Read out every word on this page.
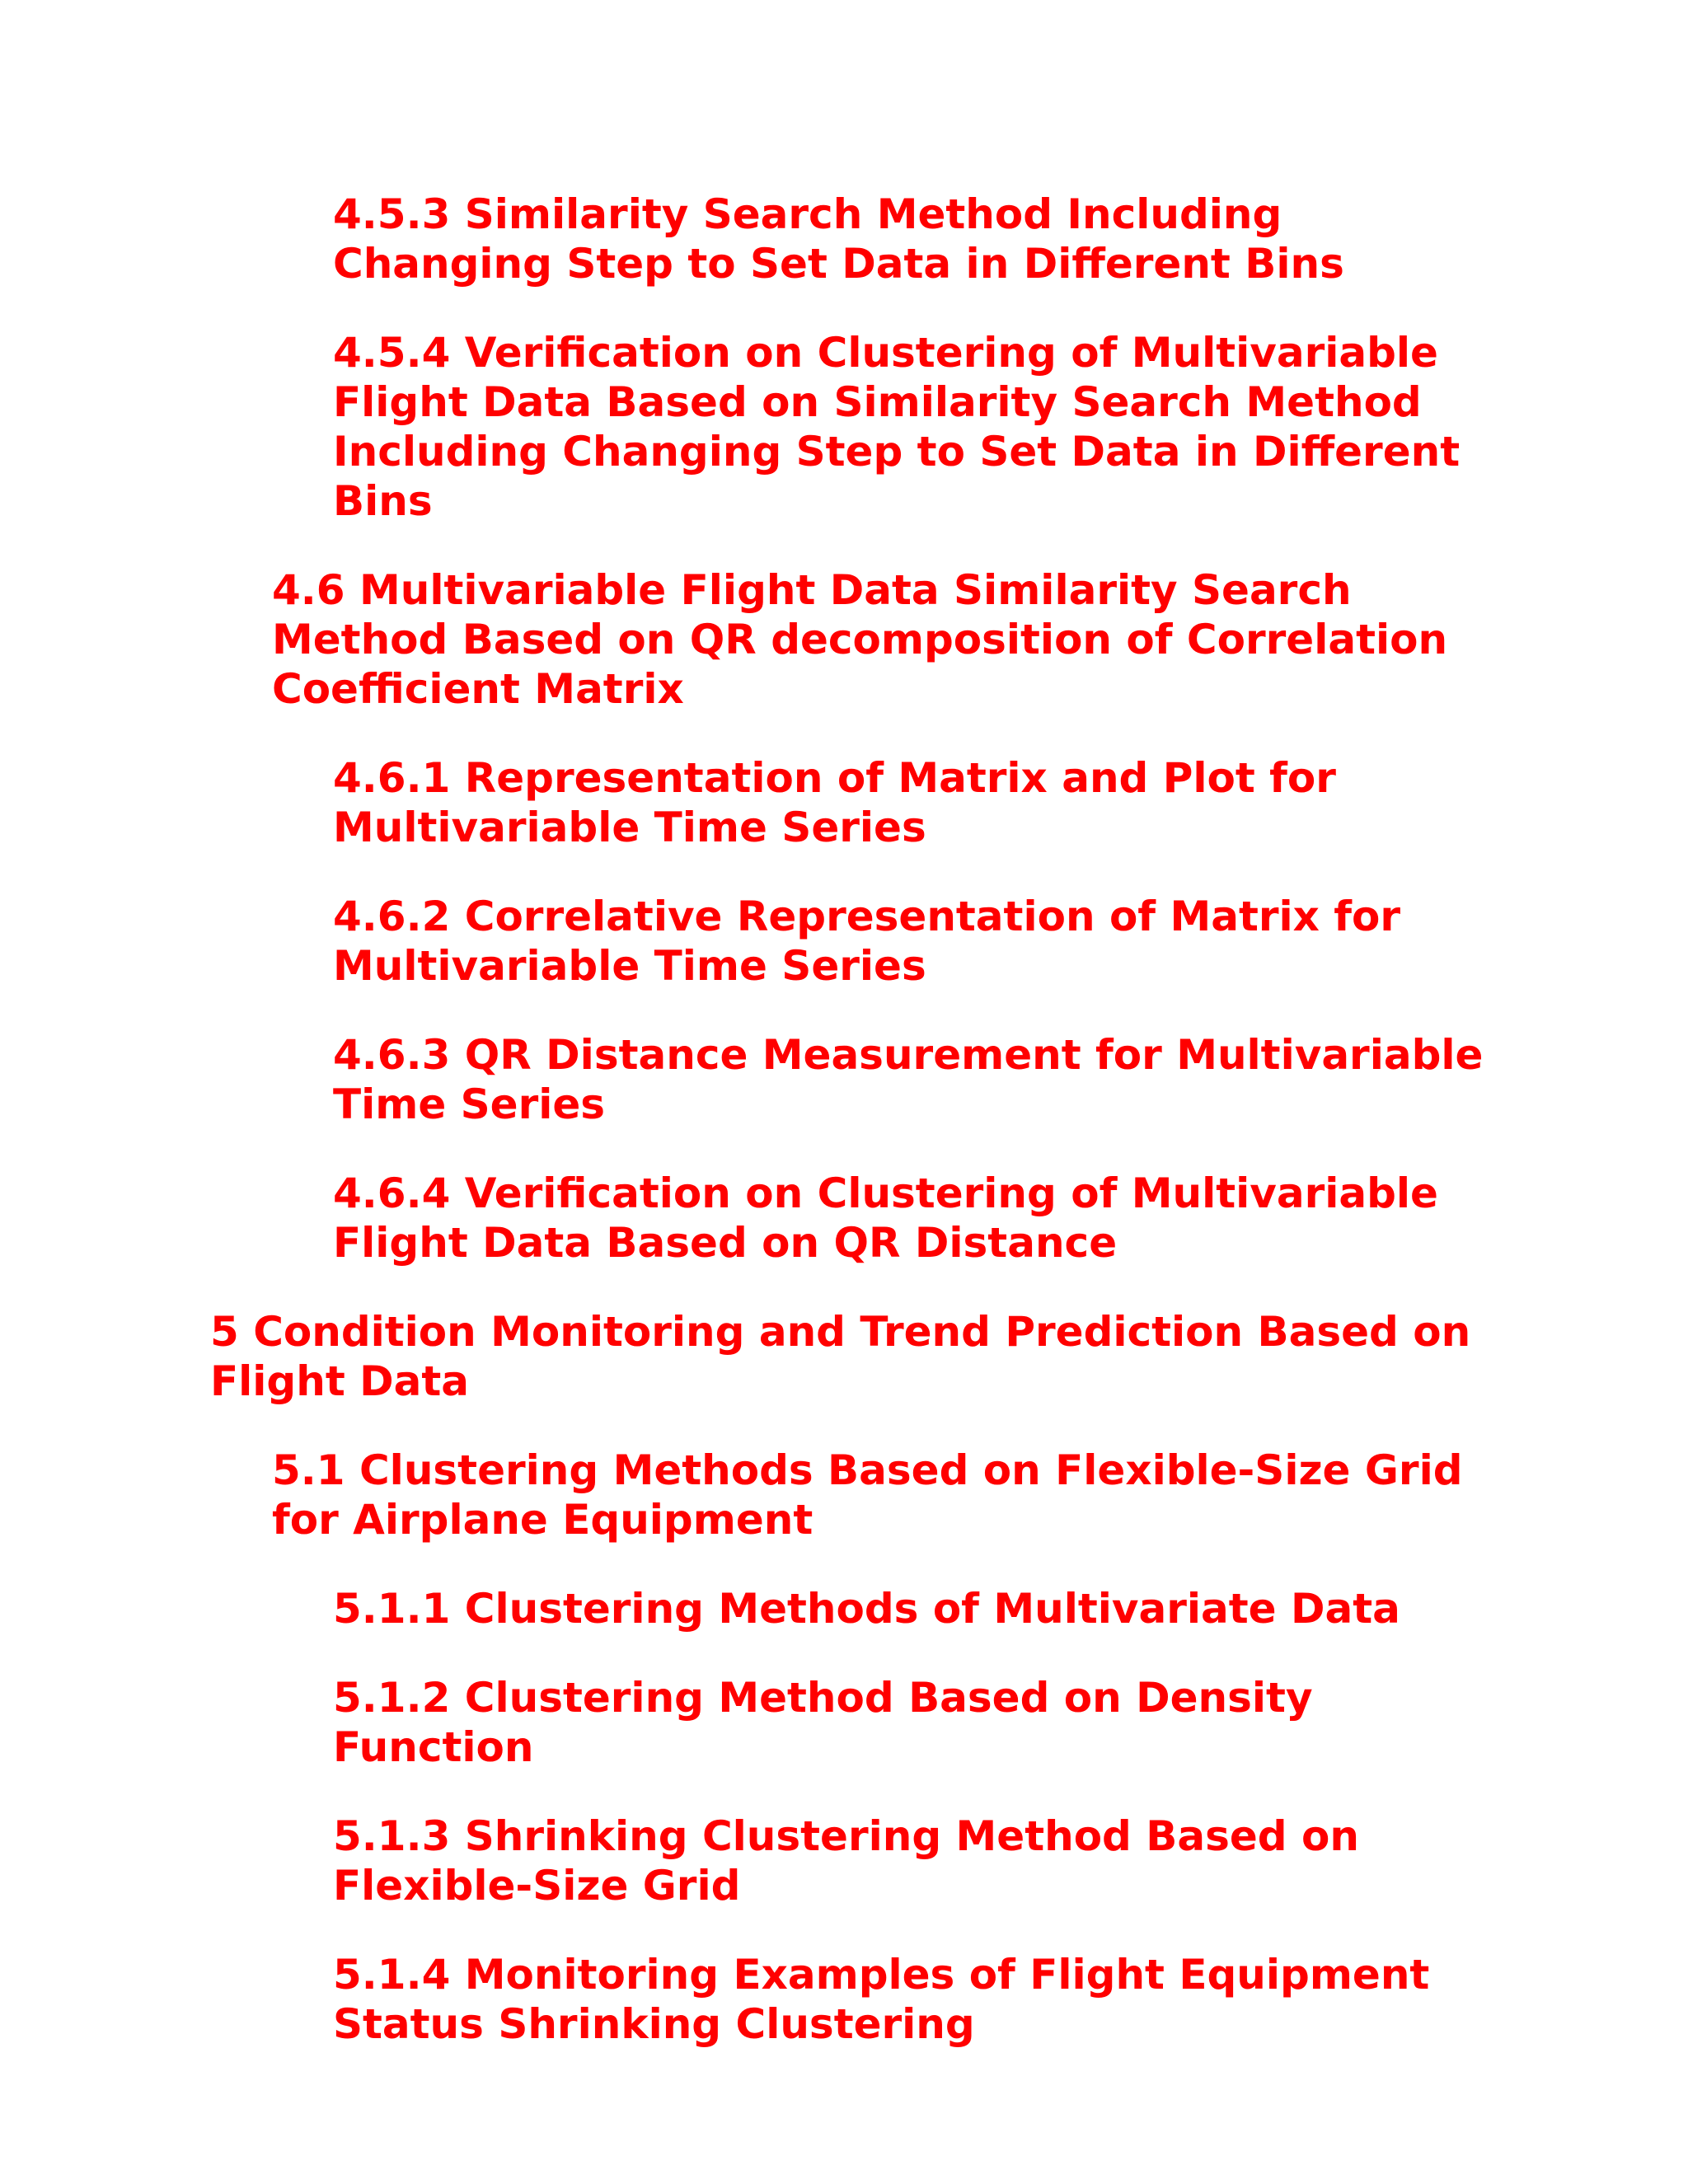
4.5.3 Similarity Search Method Including Changing Step to Set Data in Different Bins
4.5.4 Verification on Clustering of Multivariable Flight Data Based on Similarity Search Method Including Changing Step to Set Data in Different Bins
4.6 Multivariable Flight Data Similarity Search Method Based on QR decomposition of Correlation Coefficient Matrix
4.6.1 Representation of Matrix and Plot for Multivariable Time Series
4.6.2 Correlative Representation of Matrix for Multivariable Time Series
4.6.3 QR Distance Measurement for Multivariable Time Series
4.6.4 Verification on Clustering of Multivariable Flight Data Based on QR Distance
5 Condition Monitoring and Trend Prediction Based on Flight Data
5.1 Clustering Methods Based on Flexible-Size Grid for Airplane Equipment
5.1.1 Clustering Methods of Multivariate Data
5.1.2 Clustering Method Based on Density Function
5.1.3 Shrinking Clustering Method Based on Flexible-Size Grid
5.1.4 Monitoring Examples of Flight Equipment Status Shrinking Clustering
